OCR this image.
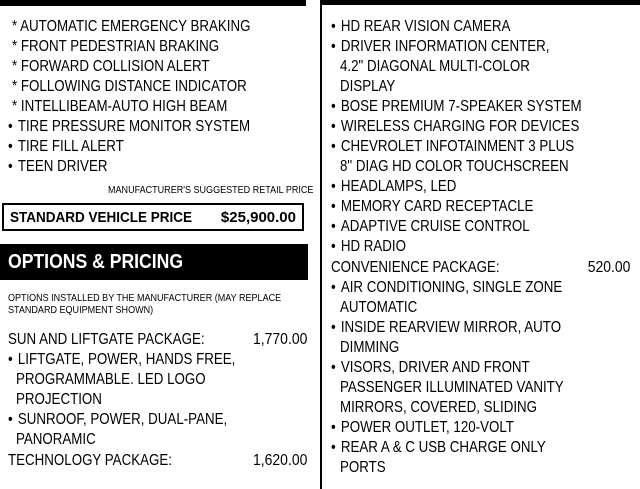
* AUTOMATIC EMERGENCY BRAKING
* FRONT PEDESTRIAN BRAKING
* FORWARD COLLISION ALERT
* FOLLOWING DISTANCE INDICATOR
* INTELLIBEAM-AUTO HIGH BEAM
• TIRE PRESSURE MONITOR SYSTEM
• TIRE FILL ALERT
• TEEN DRIVER
MANUFACTURER'S SUGGESTED RETAIL PRICE
STANDARD VEHICLE PRICE $25,900.00
OPTIONS & PRICING
OPTIONS INSTALLED BY THE MANUFACTURER (MAY REPLACE
STANDARD EQUIPMENT SHOWN)
SUN AND LIFTGATE PACKAGE:	1,770.00
• LIFTGATE, POWER, HANDS FREE,
PROGRAMMABLE. LED LOGO
PROJECTION
• SUNROOF, POWER, DUAL-PANE,
PANORAMIC
TECHNOLOGY PACKAGE:	1,620.00
• HD REAR VISION CAMERA
• DRIVER INFORMATION CENTER,
4.2" DIAGONAL MULTI-COLOR
DISPLAY
• BOSE PREMIUM 7-SPEAKER SYSTEM
• WIRELESS CHARGING FOR DEVICES
• CHEVROLET INFOTAINMENT 3 PLUS
8" DIAG HD COLOR TOUCHSCREEN
• HEADLAMPS, LED
• MEMORY CARD RECEPTACLE
• ADAPTIVE CRUISE CONTROL
• HD RADIO
CONVENIENCE PACKAGE:	520.00
• AIR CONDITIONING, SINGLE ZONE
AUTOMATIC
• INSIDE REARVIEW MIRROR, AUTO
DIMMING
• VISORS, DRIVER AND FRONT
PASSENGER ILLUMINATED VANITY
MIRRORS, COVERED, SLIDING
• POWER OUTLET, 120-VOLT
• REAR A & C USB CHARGE ONLY
PORTS
